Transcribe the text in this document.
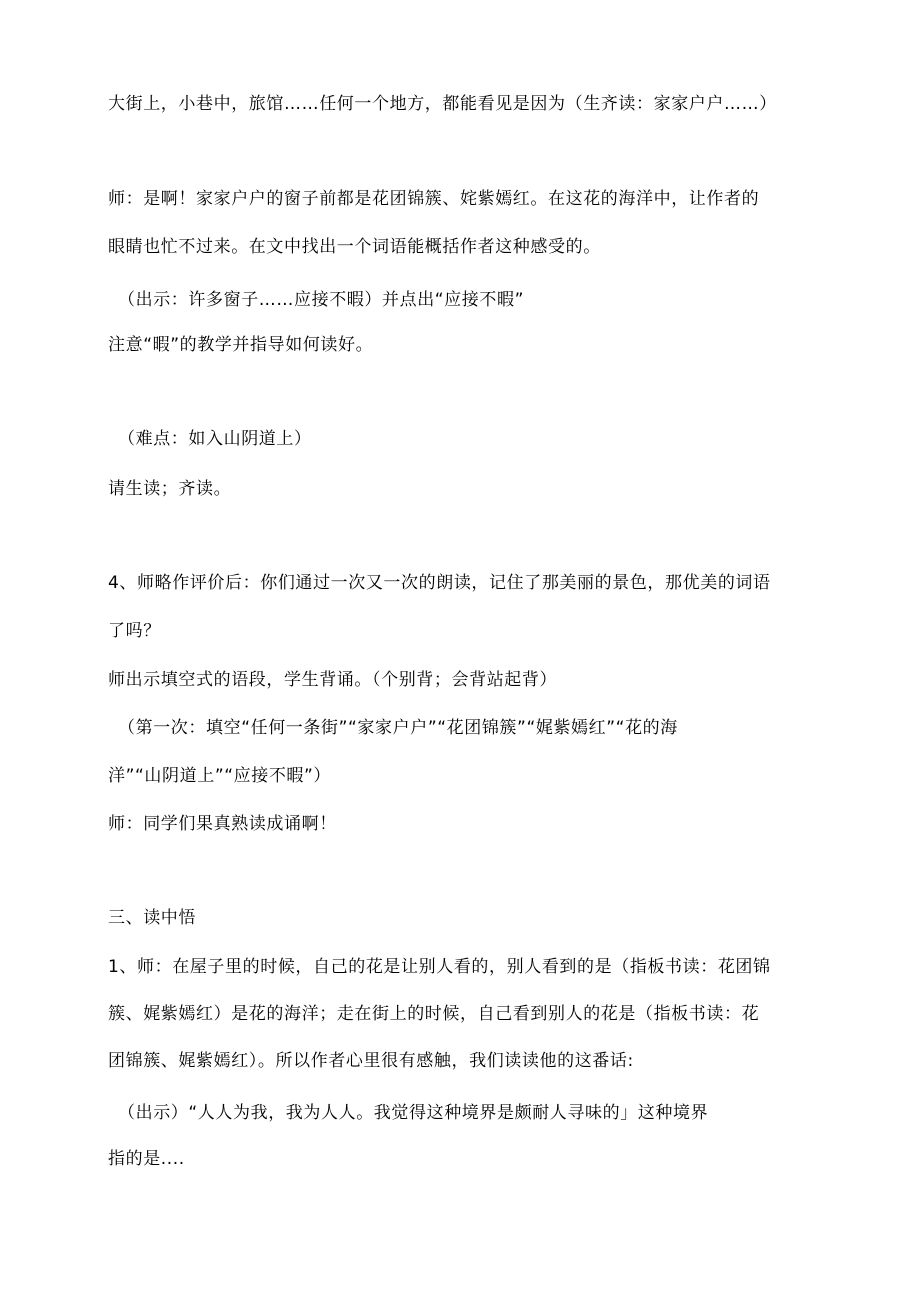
大街上，小巷中，旅馆……任何一个地方，都能看见是因为（生齐读：家家户户……）
师：是啊！家家户户的窗子前都是花团锦簇、姹紫嫣红。在这花的海洋中，让作者的
眼睛也忙不过来。在文中找出一个词语能概括作者这种感受的。
（出示：许多窗子……应接不暇）并点出“应接不暇”
注意“暇”的教学并指导如何读好。
（难点：如入山阴道上）
请生读；齐读。
4、师略作评价后：你们通过一次又一次的朗读，记住了那美丽的景色，那优美的词语
了吗？
师出示填空式的语段，学生背诵。（个别背；会背站起背）
（第一次：填空“任何一条街”“家家户户”“花团锦簇”“娓紫嫣红”“花的海
洋”“山阴道上”“应接不暇”）
师：同学们果真熟读成诵啊！
三、读中悟
1、师：在屋子里的时候，自己的花是让别人看的，别人看到的是（指板书读：花团锦
簇、娓紫嫣红）是花的海洋；走在街上的时候，自己看到别人的花是（指板书读：花
团锦簇、娓紫嫣红）。所以作者心里很有感触，我们读读他的这番话:
（出示）“人人为我，我为人人。我觉得这种境界是颇耐人寻味的」这种境界
指的是....
